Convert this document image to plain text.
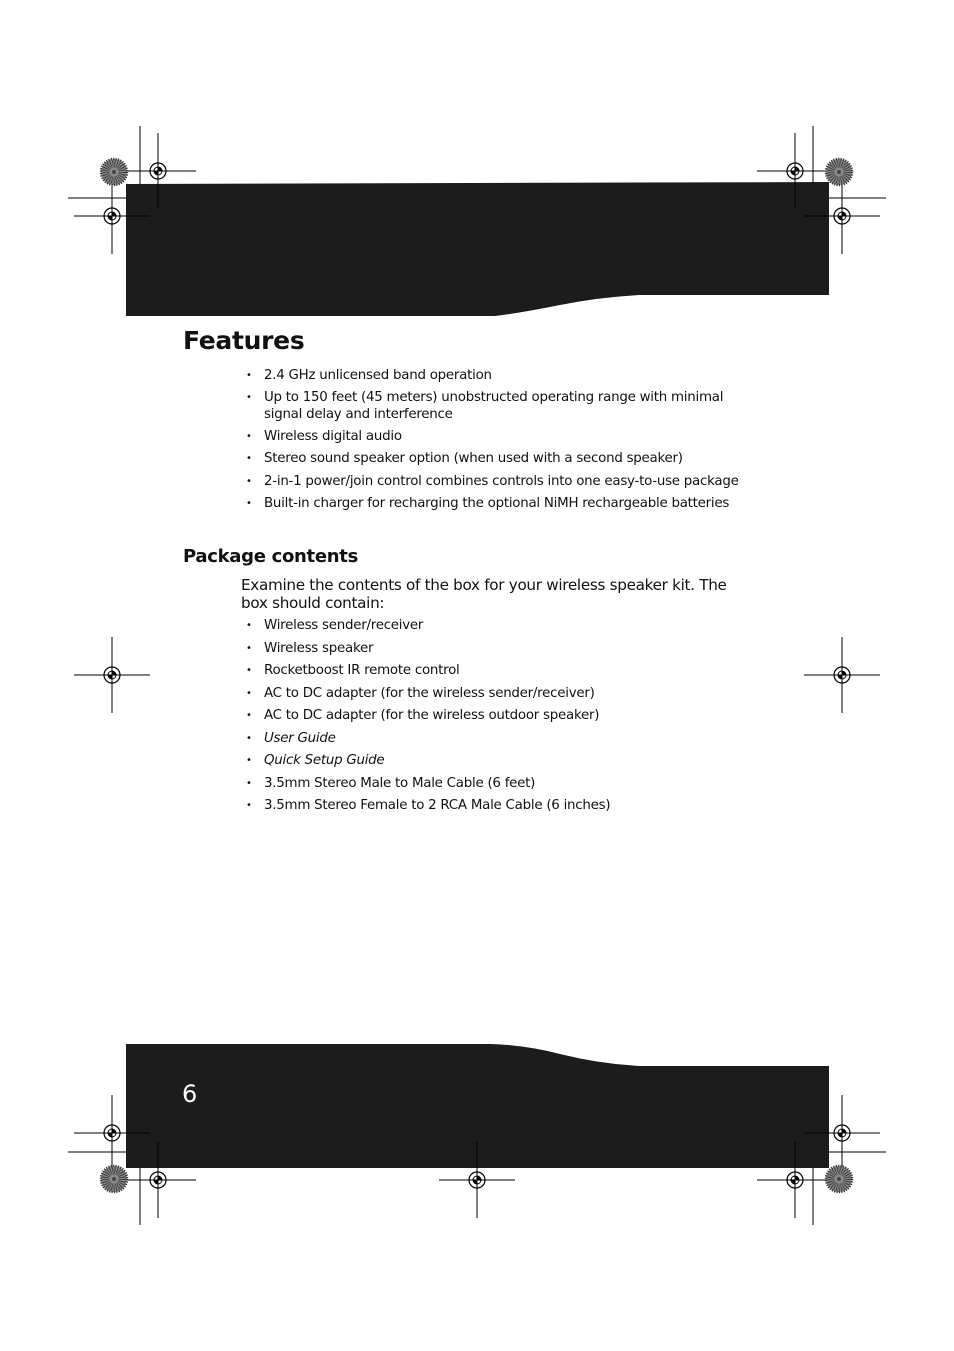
Features
• 2.4 GHz unlicensed band operation
• Up to 150 feet (45 meters) unobstructed operating range with minimal signal delay and interference
• Wireless digital audio
• Stereo sound speaker option (when used with a second speaker)
• 2-in-1 power/join control combines controls into one easy-to-use package
• Built-in charger for recharging the optional NiMH rechargeable batteries
Package contents

Examine the contents of the box for your wireless speaker kit. The box should contain:

• Wireless sender/receiver
• Wireless speaker
• Rocketboost IR remote control
• AC to DC adapter (for the wireless sender/receiver)
• AC to DC adapter (for the wireless outdoor speaker)
• User Guide
• Quick Setup Guide
• 3.5mm Stereo Male to Male Cable (6 feet)
• 3.5mm Stereo Female to 2 RCA Male Cable (6 inches)

6
